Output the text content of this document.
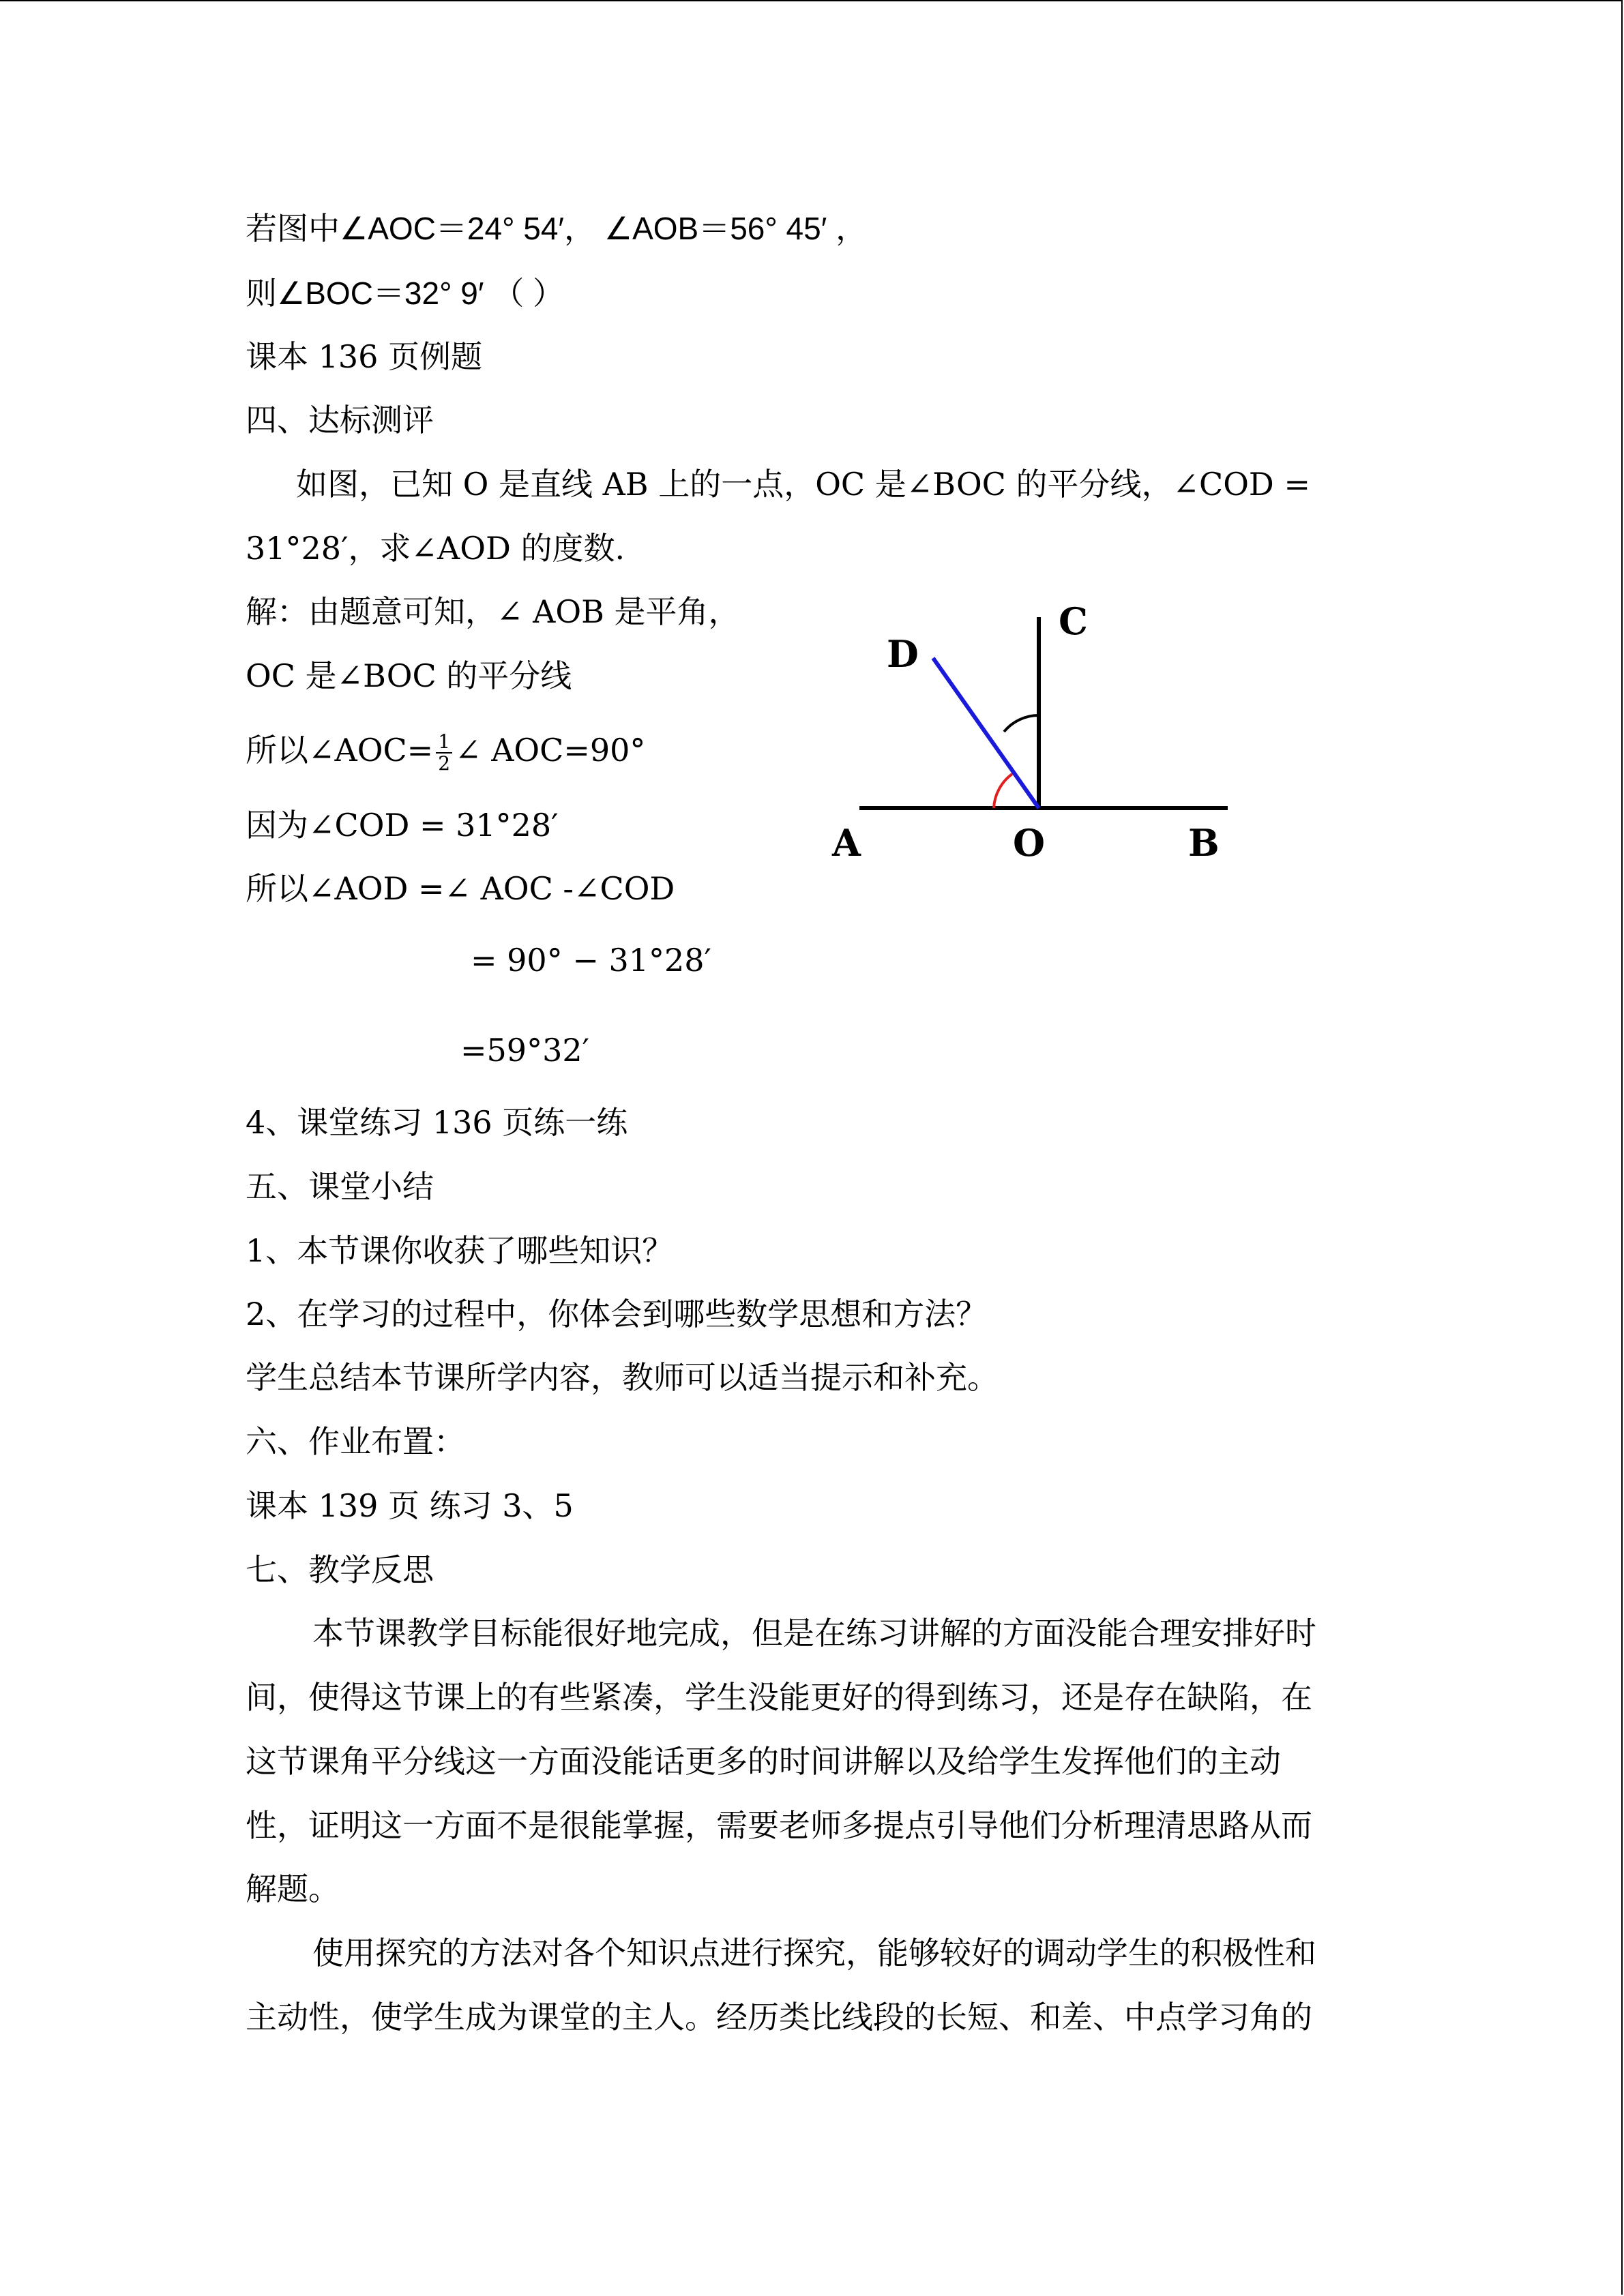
若图中∠AOC＝24° 54′， ∠AOB＝56° 45′ ，
则∠BOC＝32° 9′ （ ）
课本 136 页例题
四、达标测评
如图，已知 O 是直线 AB 上的一点，OC 是∠BOC 的平分线，∠COD =
31°28′，求∠AOD 的度数.
解：由题意可知，∠ AOB 是平角，
OC 是∠BOC 的平分线
所以∠AOC= $\frac{1}{2}$ ∠ AOC=90°
因为∠COD = 31°28′
所以∠AOD =∠ AOC -∠COD
= 90° − 31°28′
=59°32′
4、课堂练习 136 页练一练
五、课堂小结
1、本节课你收获了哪些知识？
2、在学习的过程中，你体会到哪些数学思想和方法？
学生总结本节课所学内容，教师可以适当提示和补充。
六、作业布置：
课本 139 页 练习 3、5
七、教学反思
本节课教学目标能很好地完成，但是在练习讲解的方面没能合理安排好时
间，使得这节课上的有些紧凑，学生没能更好的得到练习，还是存在缺陷，在
这节课角平分线这一方面没能话更多的时间讲解以及给学生发挥他们的主动
性，证明这一方面不是很能掌握，需要老师多提点引导他们分析理清思路从而
解题。
使用探究的方法对各个知识点进行探究，能够较好的调动学生的积极性和
主动性，使学生成为课堂的主人。经历类比线段的长短、和差、中点学习角的
A	O	B
C
D
